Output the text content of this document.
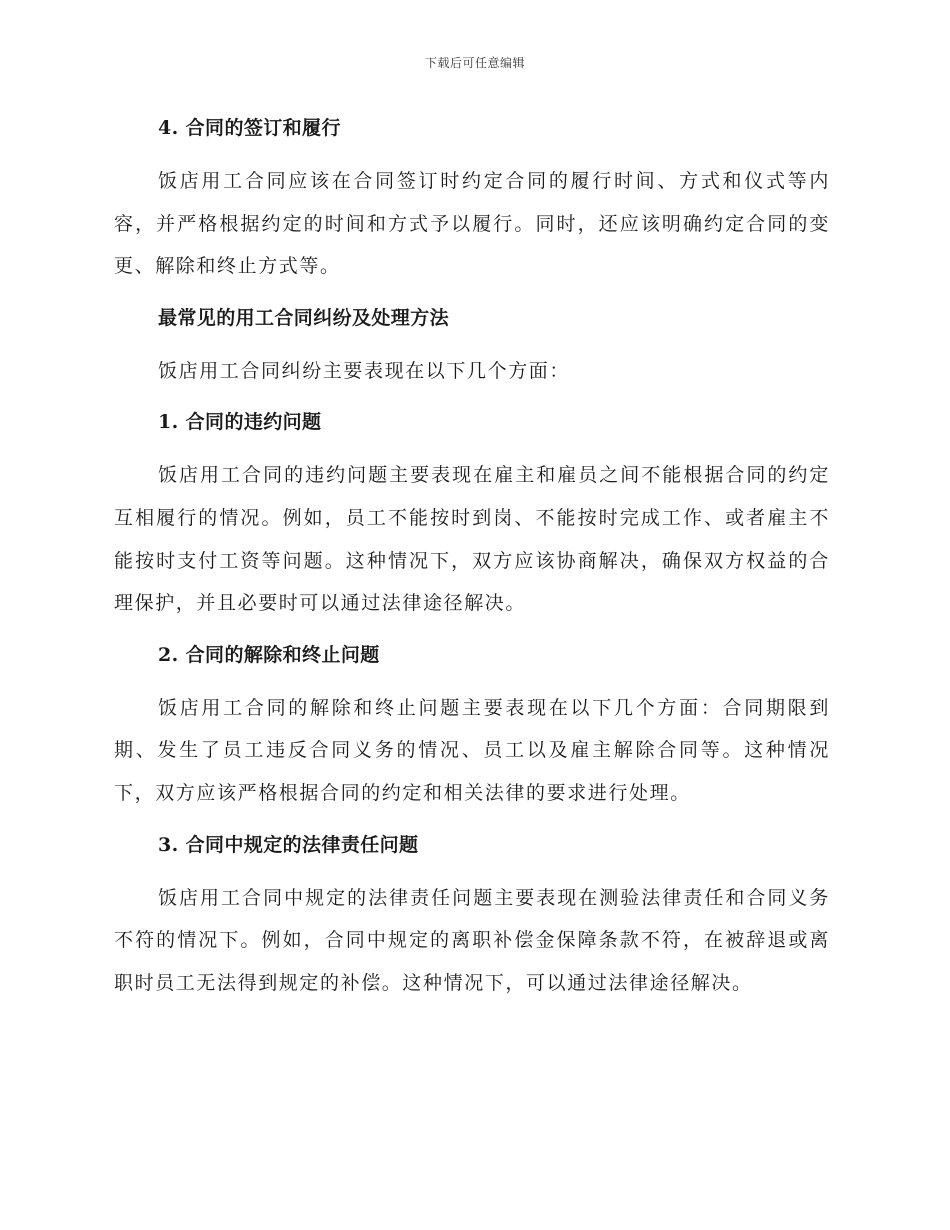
下载后可任意编辑
4. 合同的签订和履行

饭店用工合同应该在合同签订时约定合同的履行时间、方式和仪式等内容，并严格根据约定的时间和方式予以履行。同时，还应该明确约定合同的变更、解除和终止方式等。

最常见的用工合同纠纷及处理方法

饭店用工合同纠纷主要表现在以下几个方面：

1. 合同的违约问题

饭店用工合同的违约问题主要表现在雇主和雇员之间不能根据合同的约定互相履行的情况。例如，员工不能按时到岗、不能按时完成工作、或者雇主不能按时支付工资等问题。这种情况下，双方应该协商解决，确保双方权益的合理保护，并且必要时可以通过法律途径解决。

2. 合同的解除和终止问题

饭店用工合同的解除和终止问题主要表现在以下几个方面：合同期限到期、发生了员工违反合同义务的情况、员工以及雇主解除合同等。这种情况下，双方应该严格根据合同的约定和相关法律的要求进行处理。

3. 合同中规定的法律责任问题

饭店用工合同中规定的法律责任问题主要表现在测验法律责任和合同义务不符的情况下。例如，合同中规定的离职补偿金保障条款不符，在被辞退或离职时员工无法得到规定的补偿。这种情况下，可以通过法律途径解决。
